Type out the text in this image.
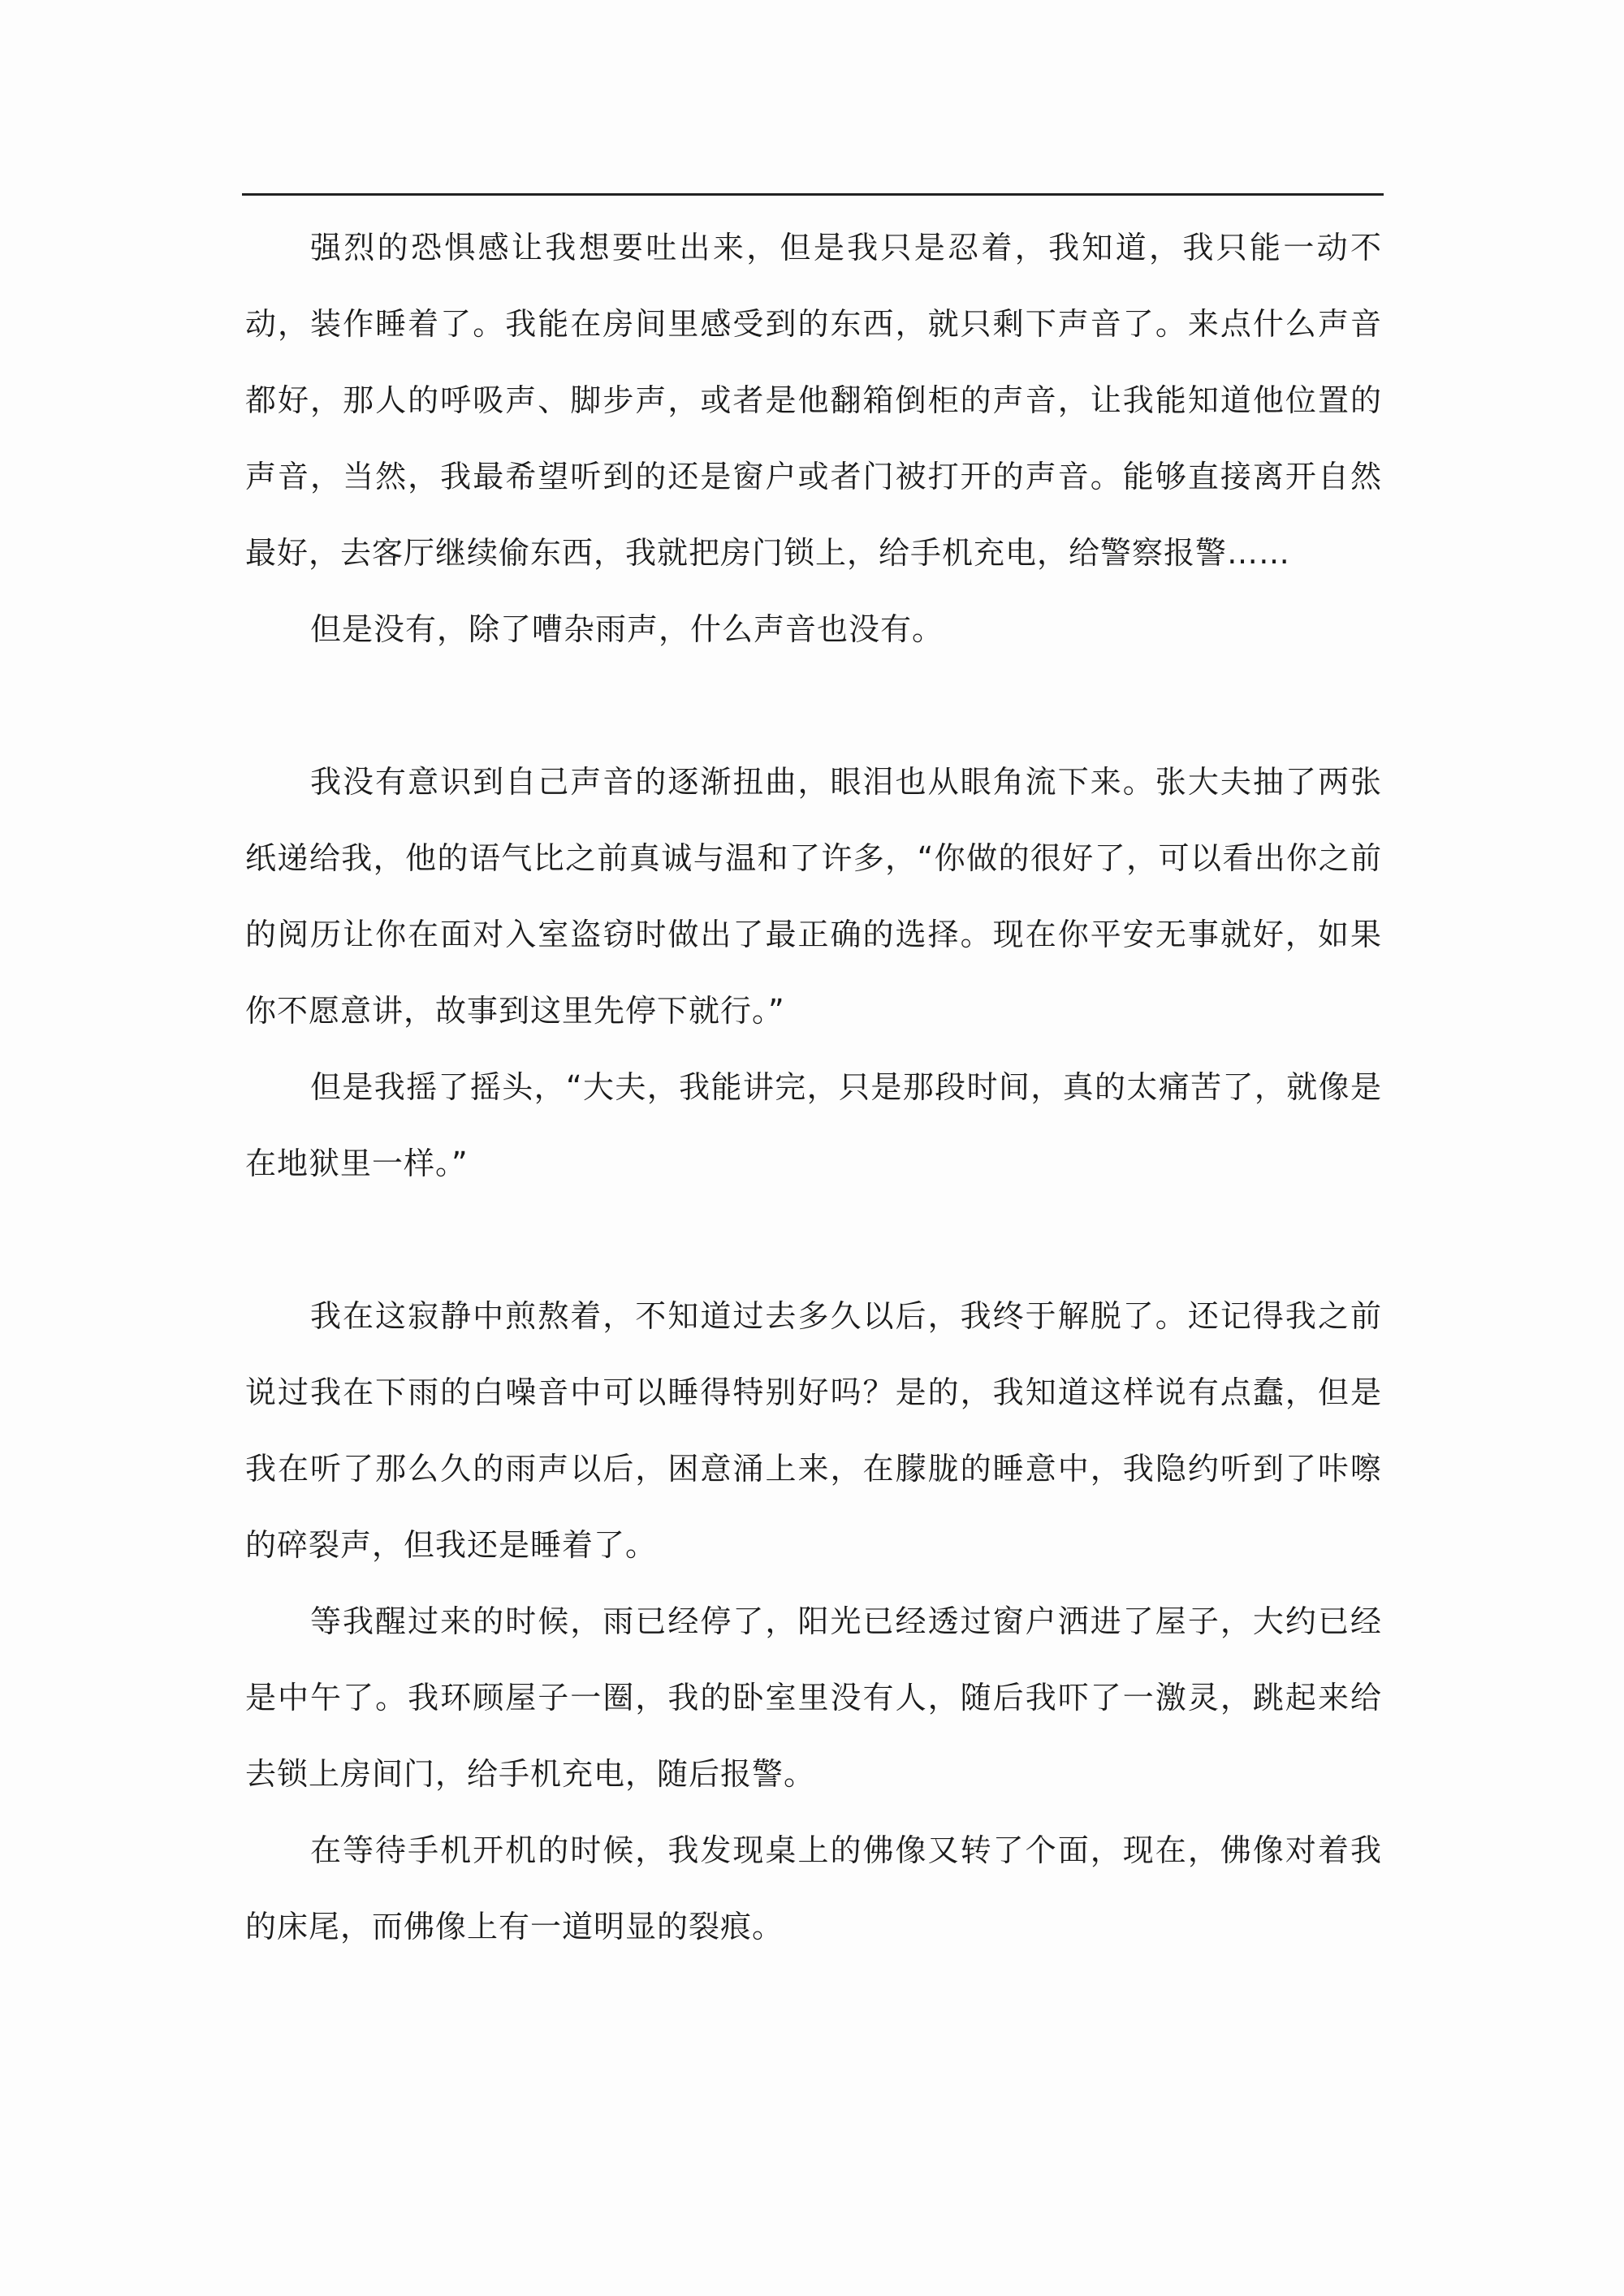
强烈的恐惧感让我想要吐出来，但是我只是忍着，我知道，我只能一动不动，装作睡着了。我能在房间里感受到的东西，就只剩下声音了。来点什么声音都好，那人的呼吸声、脚步声，或者是他翻箱倒柜的声音，让我能知道他位置的声音，当然，我最希望听到的还是窗户或者门被打开的声音。能够直接离开自然最好，去客厅继续偷东西，我就把房门锁上，给手机充电，给警察报警……

但是没有，除了嘈杂雨声，什么声音也没有。

我没有意识到自己声音的逐渐扭曲，眼泪也从眼角流下来。张大夫抽了两张纸递给我，他的语气比之前真诚与温和了许多，“你做的很好了，可以看出你之前的阅历让你在面对入室盗窃时做出了最正确的选择。现在你平安无事就好，如果你不愿意讲，故事到这里先停下就行。”

但是我摇了摇头，“大夫，我能讲完，只是那段时间，真的太痛苦了，就像是在地狱里一样。”

我在这寂静中煎熬着，不知道过去多久以后，我终于解脱了。还记得我之前说过我在下雨的白噪音中可以睡得特别好吗？是的，我知道这样说有点蠢，但是我在听了那么久的雨声以后，困意涌上来，在朦胧的睡意中，我隐约听到了咔嚓的碎裂声，但我还是睡着了。

等我醒过来的时候，雨已经停了，阳光已经透过窗户洒进了屋子，大约已经是中午了。我环顾屋子一圈，我的卧室里没有人，随后我吓了一激灵，跳起来给去锁上房间门，给手机充电，随后报警。

在等待手机开机的时候，我发现桌上的佛像又转了个面，现在，佛像对着我的床尾，而佛像上有一道明显的裂痕。
